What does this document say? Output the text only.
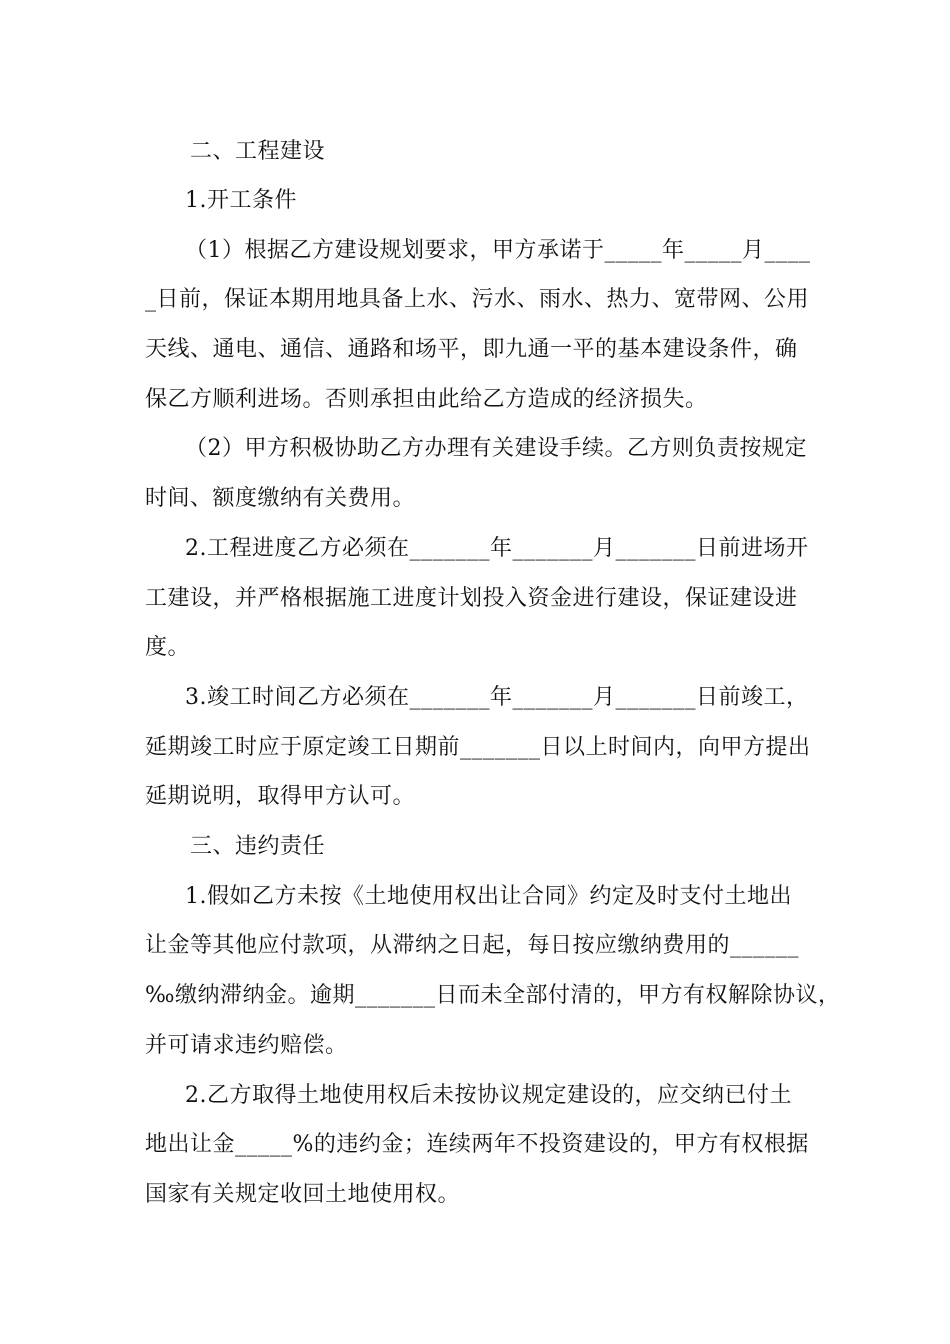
二、工程建设
1.开工条件
（1）根据乙方建设规划要求，甲方承诺于_____年_____月____
_日前，保证本期用地具备上水、污水、雨水、热力、宽带网、公用
天线、通电、通信、通路和场平，即九通一平的基本建设条件，确
保乙方顺利进场。否则承担由此给乙方造成的经济损失。
（2）甲方积极协助乙方办理有关建设手续。乙方则负责按规定
时间、额度缴纳有关费用。
2.工程进度乙方必须在_______年_______月_______日前进场开
工建设，并严格根据施工进度计划投入资金进行建设，保证建设进
度。
3.竣工时间乙方必须在_______年_______月_______日前竣工，
延期竣工时应于原定竣工日期前_______日以上时间内，向甲方提出
延期说明，取得甲方认可。
三、违约责任
1.假如乙方未按《土地使用权出让合同》约定及时支付土地出
让金等其他应付款项，从滞纳之日起，每日按应缴纳费用的______
‰缴纳滞纳金。逾期_______日而未全部付清的，甲方有权解除协议，
并可请求违约赔偿。
2.乙方取得土地使用权后未按协议规定建设的，应交纳已付土
地出让金_____%的违约金；连续两年不投资建设的，甲方有权根据
国家有关规定收回土地使用权。
